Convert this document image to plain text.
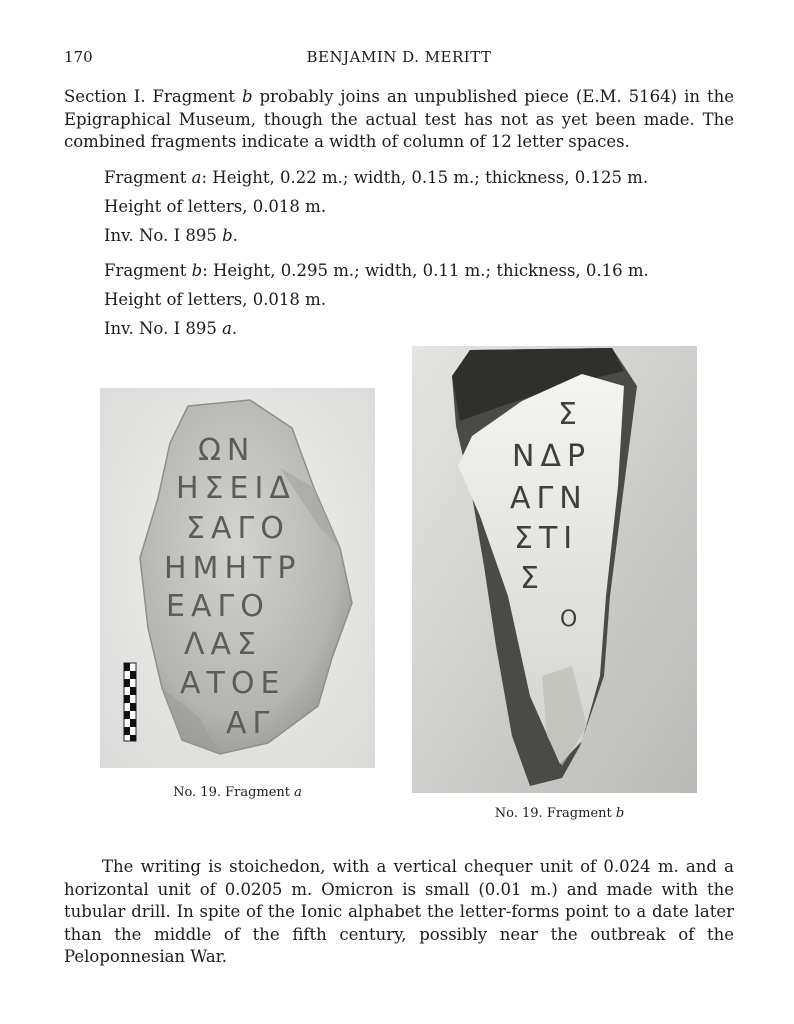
170	BENJAMIN D. MERITT
Section I. Fragment b probably joins an unpublished piece (E.M. 5164) in the Epigraphical Museum, though the actual test has not as yet been made. The combined fragments indicate a width of column of 12 letter spaces.
Fragment a: Height, 0.22 m.; width, 0.15 m.; thickness, 0.125 m.
Height of letters, 0.018 m.
Inv. No. I 895 b.
Fragment b: Height, 0.295 m.; width, 0.11 m.; thickness, 0.16 m.
Height of letters, 0.018 m.
Inv. No. I 895 a.
ΩΝ
ΗΣΕΙΔ
ΣΑΓΟ
ΗΜΗΤΡ
ΕΑΓΟ
ΛΑΣ
ΑΤΟΕ
ΑΓ
Σ
ΝΔΡ
ΑΓΝ
ΣΤΙ
Σ
Ο
No. 19. Fragment a
No. 19. Fragment b
The writing is stoichedon, with a vertical chequer unit of 0.024 m. and a horizontal unit of 0.0205 m. Omicron is small (0.01 m.) and made with the tubular drill. In spite of the Ionic alphabet the letter-forms point to a date later than the middle of the fifth century, possibly near the outbreak of the Peloponnesian War.
